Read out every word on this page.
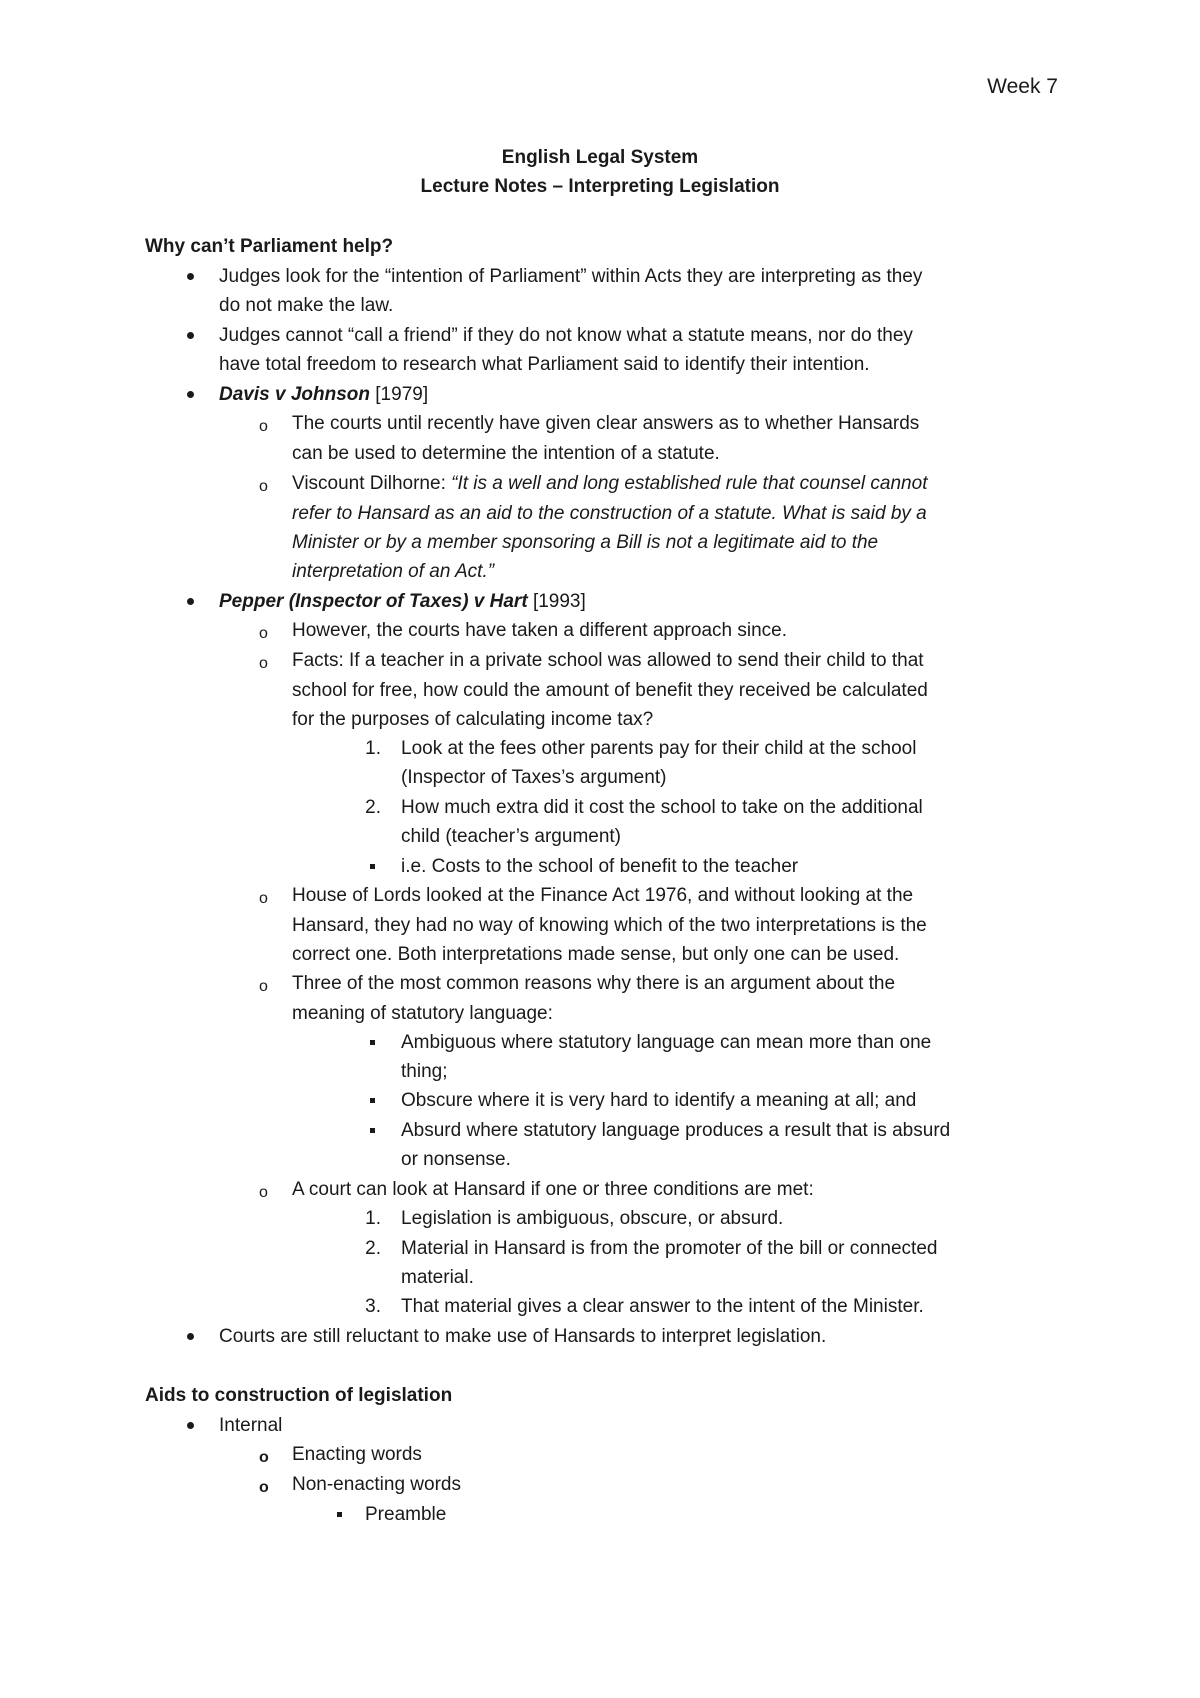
Week 7
English Legal System
Lecture Notes – Interpreting Legislation
Why can’t Parliament help?
Judges look for the “intention of Parliament” within Acts they are interpreting as they
do not make the law.
Judges cannot “call a friend” if they do not know what a statute means, nor do they
have total freedom to research what Parliament said to identify their intention.
Davis v Johnson [1979]
o The courts until recently have given clear answers as to whether Hansards
can be used to determine the intention of a statute.
o Viscount Dilhorne: “It is a well and long established rule that counsel cannot
refer to Hansard as an aid to the construction of a statute. What is said by a
Minister or by a member sponsoring a Bill is not a legitimate aid to the
interpretation of an Act.”
Pepper (Inspector of Taxes) v Hart [1993]
o However, the courts have taken a different approach since.
o Facts: If a teacher in a private school was allowed to send their child to that
school for free, how could the amount of benefit they received be calculated
for the purposes of calculating income tax?
1. Look at the fees other parents pay for their child at the school
(Inspector of Taxes’s argument)
2. How much extra did it cost the school to take on the additional
child (teacher’s argument)
i.e. Costs to the school of benefit to the teacher
o House of Lords looked at the Finance Act 1976, and without looking at the
Hansard, they had no way of knowing which of the two interpretations is the
correct one. Both interpretations made sense, but only one can be used.
o Three of the most common reasons why there is an argument about the
meaning of statutory language:
Ambiguous where statutory language can mean more than one
thing;
Obscure where it is very hard to identify a meaning at all; and
Absurd where statutory language produces a result that is absurd
or nonsense.
o A court can look at Hansard if one or three conditions are met:
1. Legislation is ambiguous, obscure, or absurd.
2. Material in Hansard is from the promoter of the bill or connected
material.
3. That material gives a clear answer to the intent of the Minister.
Courts are still reluctant to make use of Hansards to interpret legislation.
Aids to construction of legislation
Internal
o Enacting words
o Non-enacting words
Preamble
